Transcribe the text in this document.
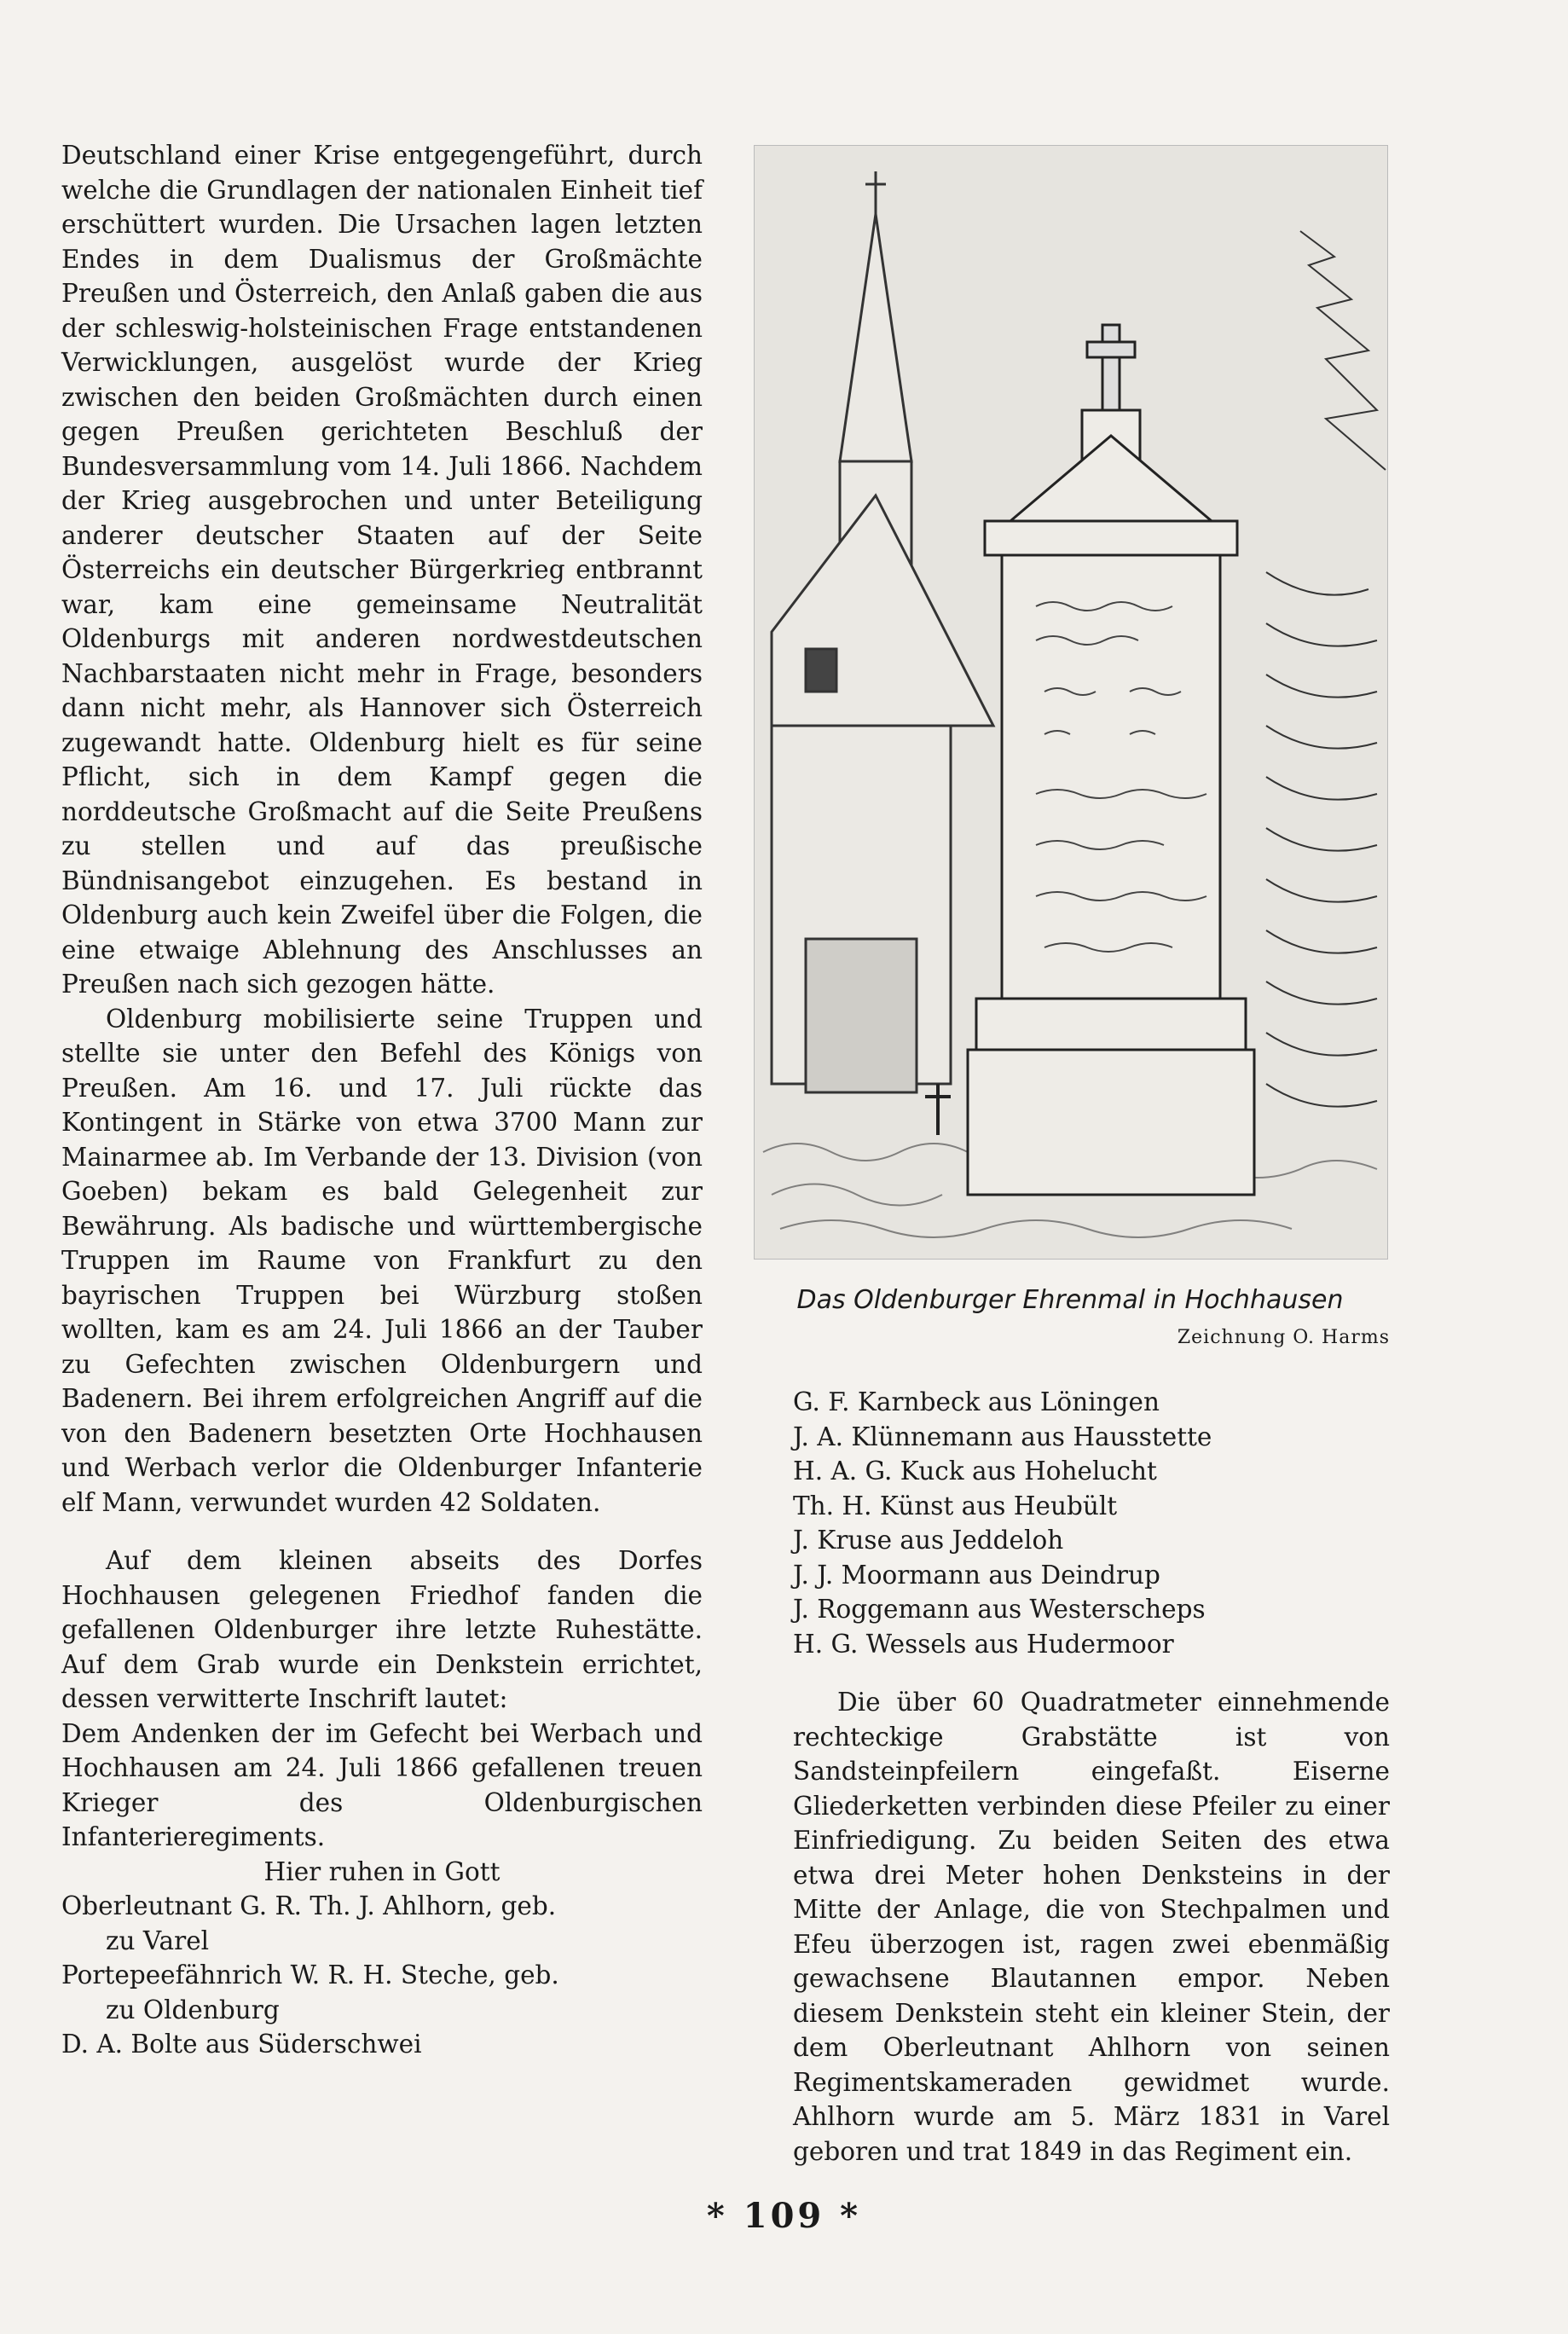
Deutschland einer Krise entgegengeführt, durch welche die Grundlagen der nationalen Einheit tief erschüttert wurden. Die Ursachen lagen letzten Endes in dem Dualismus der Großmächte Preußen und Österreich, den Anlaß gaben die aus der schleswig-holsteinischen Frage entstandenen Verwicklungen, ausgelöst wurde der Krieg zwischen den beiden Großmächten durch einen gegen Preußen gerichteten Beschluß der Bundesversammlung vom 14. Juli 1866. Nachdem der Krieg ausgebrochen und unter Beteiligung anderer deutscher Staaten auf der Seite Österreichs ein deutscher Bürgerkrieg entbrannt war, kam eine gemeinsame Neutralität Oldenburgs mit anderen nordwestdeutschen Nachbarstaaten nicht mehr in Frage, besonders dann nicht mehr, als Hannover sich Österreich zugewandt hatte. Oldenburg hielt es für seine Pflicht, sich in dem Kampf gegen die norddeutsche Großmacht auf die Seite Preußens zu stellen und auf das preußische Bündnisangebot einzugehen. Es bestand in Oldenburg auch kein Zweifel über die Folgen, die eine etwaige Ablehnung des Anschlusses an Preußen nach sich gezogen hätte.

Oldenburg mobilisierte seine Truppen und stellte sie unter den Befehl des Königs von Preußen. Am 16. und 17. Juli rückte das Kontingent in Stärke von etwa 3700 Mann zur Mainarmee ab. Im Verbande der 13. Division (von Goeben) bekam es bald Gelegenheit zur Bewährung. Als badische und württembergische Truppen im Raume von Frankfurt zu den bayrischen Truppen bei Würzburg stoßen wollten, kam es am 24. Juli 1866 an der Tauber zu Gefechten zwischen Oldenburgern und Badenern. Bei ihrem erfolgreichen Angriff auf die von den Badenern besetzten Orte Hochhausen und Werbach verlor die Oldenburger Infanterie elf Mann, verwundet wurden 42 Soldaten.

Auf dem kleinen abseits des Dorfes Hochhausen gelegenen Friedhof fanden die gefallenen Oldenburger ihre letzte Ruhestätte. Auf dem Grab wurde ein Denkstein errichtet, dessen verwitterte Inschrift lautet:

Dem Andenken der im Gefecht bei Werbach und Hochhausen am 24. Juli 1866 gefallenen treuen Krieger des Oldenburgischen Infanterieregiments.

Hier ruhen in Gott

Oberleutnant G. R. Th. J. Ahlhorn, geb.
zu Varel

Portepeefähnrich W. R. H. Steche, geb.
zu Oldenburg

D. A. Bolte aus Süderschwei

Das Oldenburger Ehrenmal in Hochhausen
Zeichnung O. Harms

G. F. Karnbeck aus Löningen

J. A. Klünnemann aus Hausstette

H. A. G. Kuck aus Hohelucht

Th. H. Künst aus Heubült

J. Kruse aus Jeddeloh

J. J. Moormann aus Deindrup

J. Roggemann aus Westerscheps

H. G. Wessels aus Hudermoor

Die über 60 Quadratmeter einnehmende rechteckige Grabstätte ist von Sandsteinpfeilern eingefaßt. Eiserne Gliederketten verbinden diese Pfeiler zu einer Einfriedigung. Zu beiden Seiten des etwa etwa drei Meter hohen Denksteins in der Mitte der Anlage, die von Stechpalmen und Efeu überzogen ist, ragen zwei ebenmäßig gewachsene Blautannen empor. Neben diesem Denkstein steht ein kleiner Stein, der dem Oberleutnant Ahlhorn von seinen Regimentskameraden gewidmet wurde. Ahlhorn wurde am 5. März 1831 in Varel geboren und trat 1849 in das Regiment ein.

* 109 *
